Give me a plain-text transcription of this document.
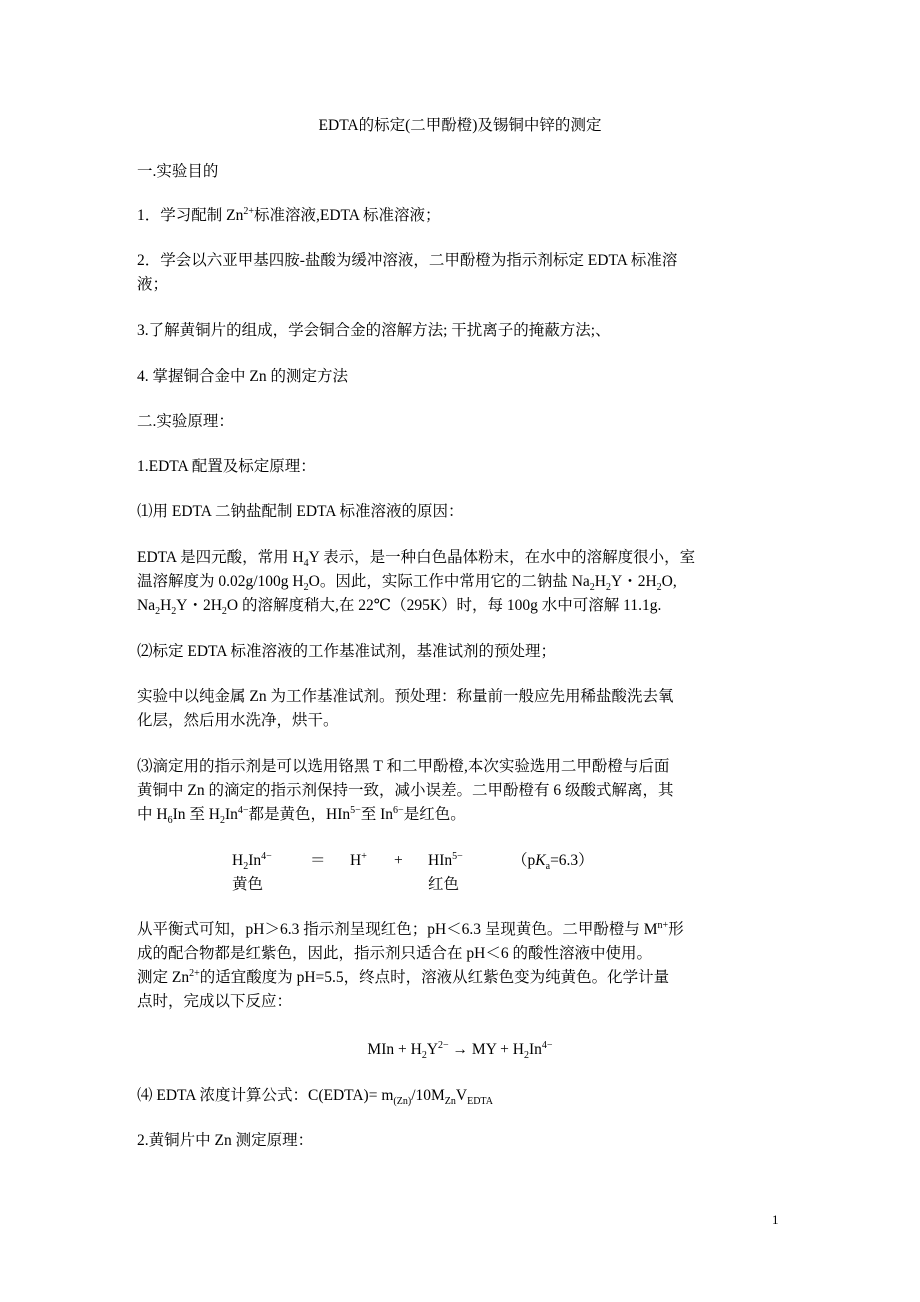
EDTA的标定(二甲酚橙)及锡铜中锌的测定
一.实验目的
1．学习配制 $Zn^{2+}$标准溶液,EDTA 标准溶液；
2．学会以六亚甲基四胺-盐酸为缓冲溶液，二甲酚橙为指示剂标定 EDTA 标准溶
液；
3.了解黄铜片的组成，学会铜合金的溶解方法; 干扰离子的掩蔽方法;、
4. 掌握铜合金中 Zn 的测定方法
二.实验原理：
1.EDTA 配置及标定原理：
⑴用 EDTA 二钠盐配制 EDTA 标准溶液的原因：
EDTA 是四元酸，常用 $H_4Y$ 表示，是一种白色晶体粉末，在水中的溶解度很小，室
温溶解度为 0.02g/100g $H_2O$。因此，实际工作中常用它的二钠盐 $Na_2H_2Y$・$2H_2O$,
$Na_2H_2Y$・$2H_2O$ 的溶解度稍大,在 22℃（295K）时，每 100g 水中可溶解 11.1g.
⑵标定 EDTA 标准溶液的工作基准试剂，基准试剂的预处理；
实验中以纯金属 Zn 为工作基准试剂。预处理：称量前一般应先用稀盐酸洗去氧
化层，然后用水洗净，烘干。
⑶滴定用的指示剂是可以选用铬黑 T 和二甲酚橙,本次实验选用二甲酚橙与后面
黄铜中 Zn 的滴定的指示剂保持一致，减小误差。二甲酚橙有 6 级酸式解离，其
中 $H_6In$ 至 $H_2In^{4-}$都是黄色，HIn$^{5-}$至 $In^{6-}$是红色。
$H_2In^{4-} = H^+ + HIn^{5-}$	$(pK_a=6.3)$
黄色	红色
从平衡式可知，pH＞6.3 指示剂呈现红色；pH＜6.3 呈现黄色。二甲酚橙与 $M^{n+}$形
成的配合物都是红紫色，因此，指示剂只适合在 pH＜6 的酸性溶液中使用。
测定 $Zn^{2+}$的适宜酸度为 pH=5.5，终点时，溶液从红紫色变为纯黄色。化学计量
点时，完成以下反应：
MIn + $H_2Y^{2-}$ → MY + $H_2In^{4-}$
⑷ EDTA 浓度计算公式：C(EDTA)= $m_{(Zn)}/10M_{Zn}V_{EDTA}$
2.黄铜片中 Zn 测定原理：
1
